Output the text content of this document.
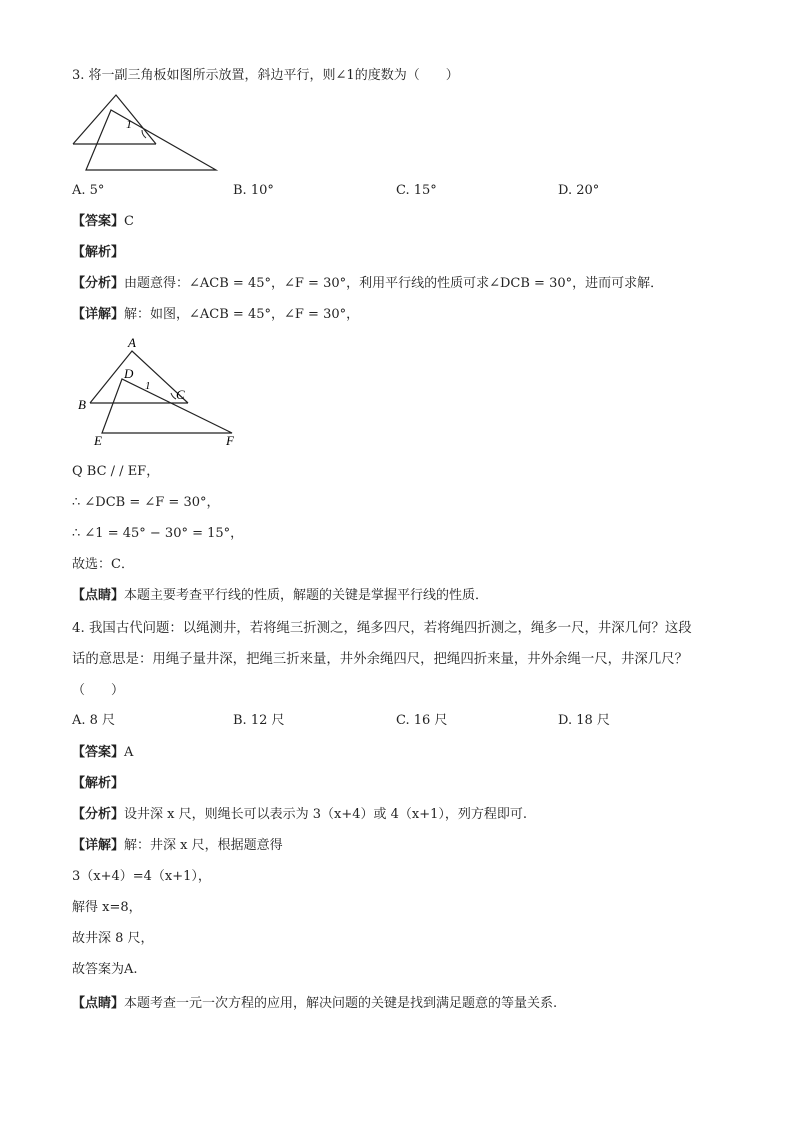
3. 将一副三角板如图所示放置，斜边平行，则∠1的度数为（　　）
1
A. 5°	B. 10°	C. 15°	D. 20°
【答案】C
【解析】
【分析】由题意得：∠ACB = 45°，∠F = 30°，利用平行线的性质可求∠DCB = 30°，进而可求解．
【详解】解：如图，∠ACB = 45°，∠F = 30°，
A
B
C
D
E	F
1
Q BC / / EF，
∴ ∠DCB = ∠F = 30°，
∴ ∠1 = 45° − 30° = 15°，
故选：C．
【点睛】本题主要考查平行线的性质，解题的关键是掌握平行线的性质．
4. 我国古代问题：以绳测井，若将绳三折测之，绳多四尺，若将绳四折测之，绳多一尺，井深几何？这段
话的意思是：用绳子量井深，把绳三折来量，井外余绳四尺，把绳四折来量，井外余绳一尺，井深几尺？
（　　）
A. 8 尺	B. 12 尺	C. 16 尺	D. 18 尺
【答案】A
【解析】
【分析】设井深 x 尺，则绳长可以表示为 3（x+4）或 4（x+1），列方程即可.
【详解】解：井深 x 尺，根据题意得
3（x+4）=4（x+1），
解得 x=8，
故井深 8 尺，
故答案为A.
【点睛】本题考查一元一次方程的应用，解决问题的关键是找到满足题意的等量关系.
